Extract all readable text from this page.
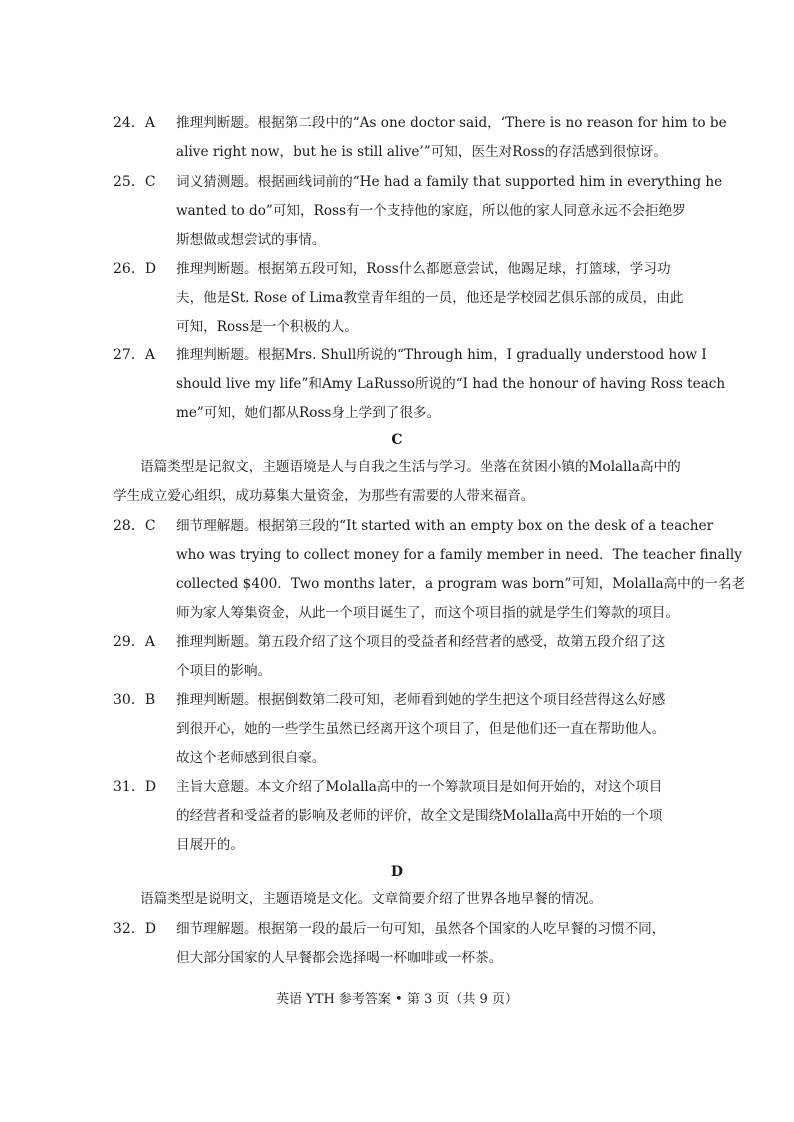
24．A	推理判断题。根据第二段中的“As one doctor said，‘There is no reason for him to be
alive right now，but he is still alive’”可知，医生对Ross的存活感到很惊讶。
25．C	词义猜测题。根据画线词前的“He had a family that supported him in everything he
wanted to do”可知，Ross有一个支持他的家庭，所以他的家人同意永远不会拒绝罗
斯想做或想尝试的事情。
26．D	推理判断题。根据第五段可知，Ross什么都愿意尝试，他踢足球，打篮球，学习功
夫，他是St. Rose of Lima教堂青年组的一员，他还是学校园艺俱乐部的成员，由此
可知，Ross是一个积极的人。
27．A	推理判断题。根据Mrs. Shull所说的“Through him，I gradually understood how I
should live my life”和Amy LaRusso所说的“I had the honour of having Ross teach
me”可知，她们都从Ross身上学到了很多。
C
语篇类型是记叙文，主题语境是人与自我之生活与学习。坐落在贫困小镇的Molalla高中的
学生成立爱心组织，成功募集大量资金，为那些有需要的人带来福音。
28．C	细节理解题。根据第三段的“It started with an empty box on the desk of a teacher
who was trying to collect money for a family member in need．The teacher finally
collected $400．Two months later，a program was born”可知，Molalla高中的一名老
师为家人筹集资金，从此一个项目诞生了，而这个项目指的就是学生们筹款的项目。
29．A	推理判断题。第五段介绍了这个项目的受益者和经营者的感受，故第五段介绍了这
个项目的影响。
30．B	推理判断题。根据倒数第二段可知，老师看到她的学生把这个项目经营得这么好感
到很开心，她的一些学生虽然已经离开这个项目了，但是他们还一直在帮助他人。
故这个老师感到很自豪。
31．D	主旨大意题。本文介绍了Molalla高中的一个筹款项目是如何开始的，对这个项目
的经营者和受益者的影响及老师的评价，故全文是围绕Molalla高中开始的一个项
目展开的。
D
语篇类型是说明文，主题语境是文化。文章简要介绍了世界各地早餐的情况。
32．D	细节理解题。根据第一段的最后一句可知，虽然各个国家的人吃早餐的习惯不同，
但大部分国家的人早餐都会选择喝一杯咖啡或一杯茶。
英语 YTH 参考答案 • 第 3 页（共 9 页）
